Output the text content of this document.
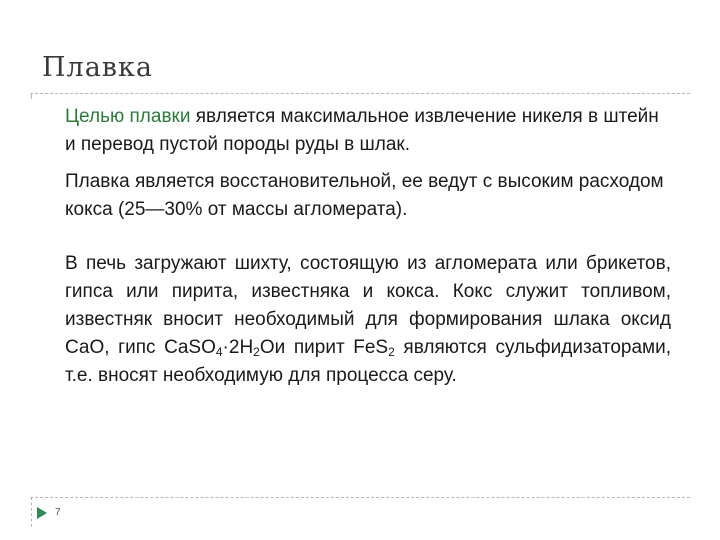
Плавка

Целью плавки является максимальное извлечение никеля в штейн и перевод пустой породы руды в шлак.

Плавка является восстановительной, ее ведут с высоким расходом кокса (25—30% от массы агломерата).

В печь загружают шихту, состоящую из агломерата или брикетов, гипса или пирита, известняка и кокса. Кокс служит топливом, известняк вносит необходимый для формирования шлака оксид СаО, гипс $CaSO_4\cdot 2H_2Ои$ пирит FeS$_2$ являются сульфидизаторами, т.е. вносят необходимую для процесса серу.

7
